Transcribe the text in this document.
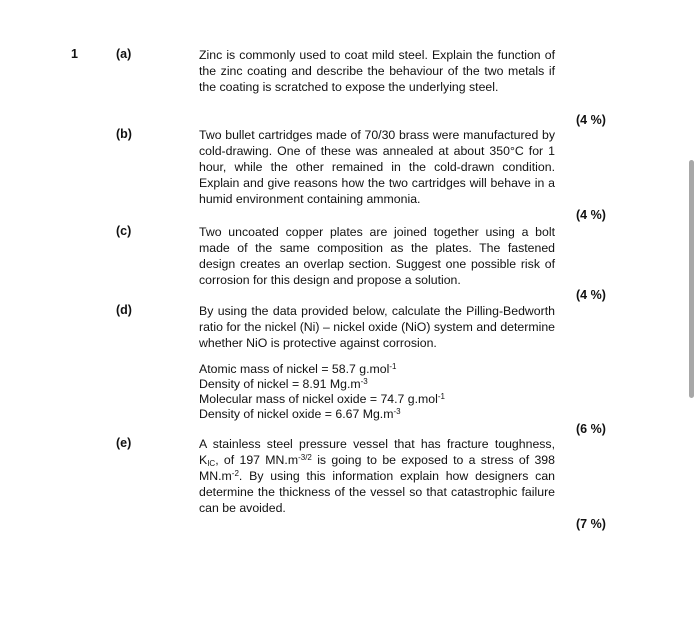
1	(a)	Zinc is commonly used to coat mild steel. Explain the function of the zinc coating and describe the behaviour of the two metals if the coating is scratched to expose the underlying steel.

(4 %)
(b)	Two bullet cartridges made of 70/30 brass were manufactured by cold-drawing. One of these was annealed at about 350°C for 1 hour, while the other remained in the cold-drawn condition. Explain and give reasons how the two cartridges will behave in a humid environment containing ammonia.

(4 %)
(c)	Two uncoated copper plates are joined together using a bolt made of the same composition as the plates. The fastened design creates an overlap section. Suggest one possible risk of corrosion for this design and propose a solution.

(4 %)
(d)	By using the data provided below, calculate the Pilling-Bedworth ratio for the nickel (Ni) – nickel oxide (NiO) system and determine whether NiO is protective against corrosion.

Atomic mass of nickel = 58.7 g.mol$^{-1}$
Density of nickel = 8.91 $Mg.m^{-3}$
Molecular mass of nickel oxide = 74.7 g.mol$^{-1}$
Density of nickel oxide = 6.67 $Mg.m^{-3}$
(6 %)
(e)	A stainless steel pressure vessel that has fracture toughness, $K_{IC}$, of 197 $MN.m^{-3/2}$ is going to be exposed to a stress of 398 $MN.m^{-2}$. By using this information explain how designers can determine the thickness of the vessel so that catastrophic failure can be avoided.

(7 %)
